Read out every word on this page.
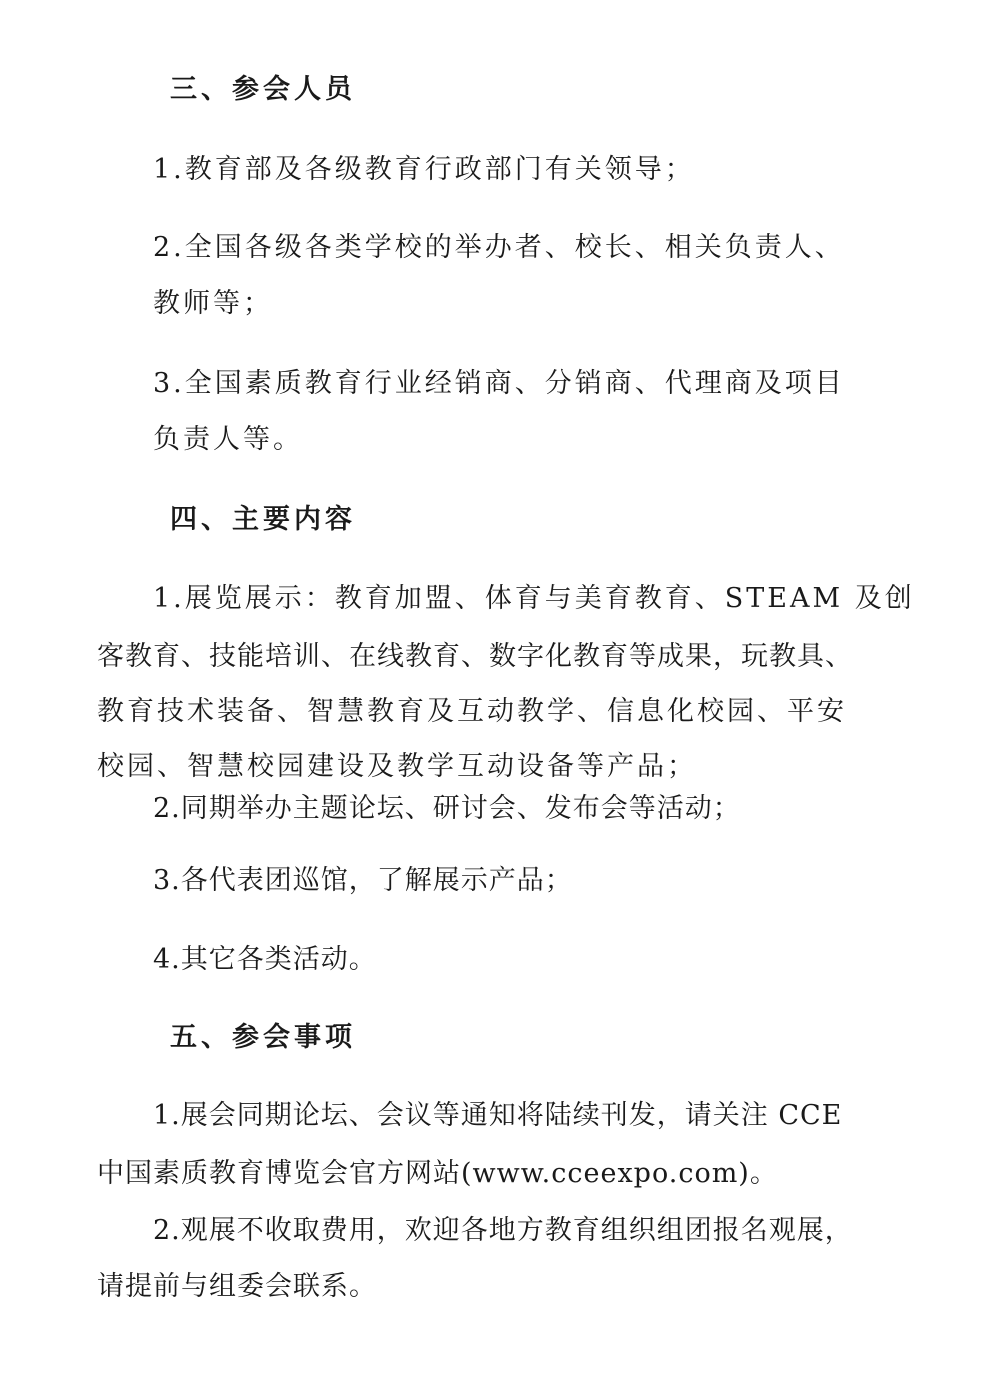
三、参会人员
1.教育部及各级教育行政部门有关领导；
2.全国各级各类学校的举办者、校长、相关负责人、
教师等；
3.全国素质教育行业经销商、分销商、代理商及项目
负责人等。
四、主要内容
1.展览展示：教育加盟、体育与美育教育、STEAM 及创
客教育、技能培训、在线教育、数字化教育等成果，玩教具、
教育技术装备、智慧教育及互动教学、信息化校园、平安
校园、智慧校园建设及教学互动设备等产品；
2.同期举办主题论坛、研讨会、发布会等活动；
3.各代表团巡馆，了解展示产品；
4.其它各类活动。
五、参会事项
1.展会同期论坛、会议等通知将陆续刊发，请关注 CCE
中国素质教育博览会官方网站(www.cceexpo.com)。
2.观展不收取费用，欢迎各地方教育组织组团报名观展，
请提前与组委会联系。
